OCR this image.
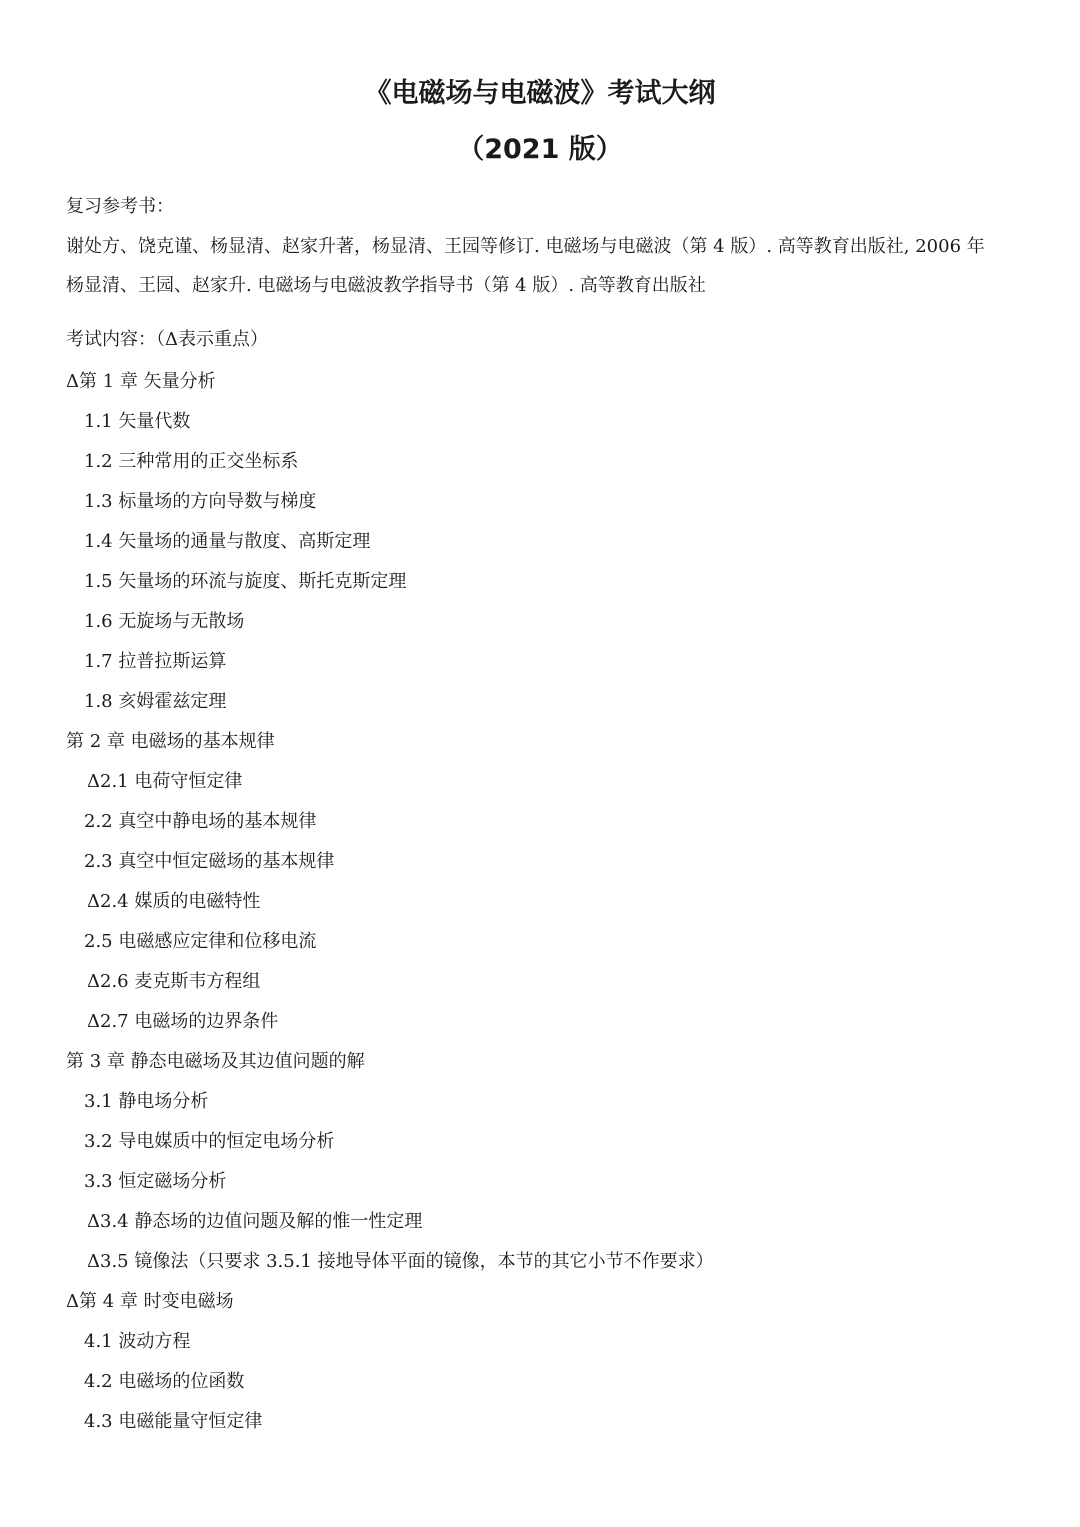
《电磁场与电磁波》考试大纲
（2021 版）
复习参考书：
谢处方、饶克谨、杨显清、赵家升著，杨显清、王园等修订. 电磁场与电磁波（第 4 版）. 高等教育出版社, 2006 年
杨显清、王园、赵家升. 电磁场与电磁波教学指导书（第 4 版）. 高等教育出版社
考试内容：（Δ表示重点）
Δ第 1 章 矢量分析
1.1 矢量代数
1.2 三种常用的正交坐标系
1.3 标量场的方向导数与梯度
1.4 矢量场的通量与散度、高斯定理
1.5 矢量场的环流与旋度、斯托克斯定理
1.6 无旋场与无散场
1.7 拉普拉斯运算
1.8 亥姆霍兹定理
第 2 章 电磁场的基本规律
Δ2.1 电荷守恒定律
2.2 真空中静电场的基本规律
2.3 真空中恒定磁场的基本规律
Δ2.4 媒质的电磁特性
2.5 电磁感应定律和位移电流
Δ2.6 麦克斯韦方程组
Δ2.7 电磁场的边界条件
第 3 章 静态电磁场及其边值问题的解
3.1 静电场分析
3.2 导电媒质中的恒定电场分析
3.3 恒定磁场分析
Δ3.4 静态场的边值问题及解的惟一性定理
Δ3.5 镜像法（只要求 3.5.1 接地导体平面的镜像，本节的其它小节不作要求）
Δ第 4 章 时变电磁场
4.1 波动方程
4.2 电磁场的位函数
4.3 电磁能量守恒定律
